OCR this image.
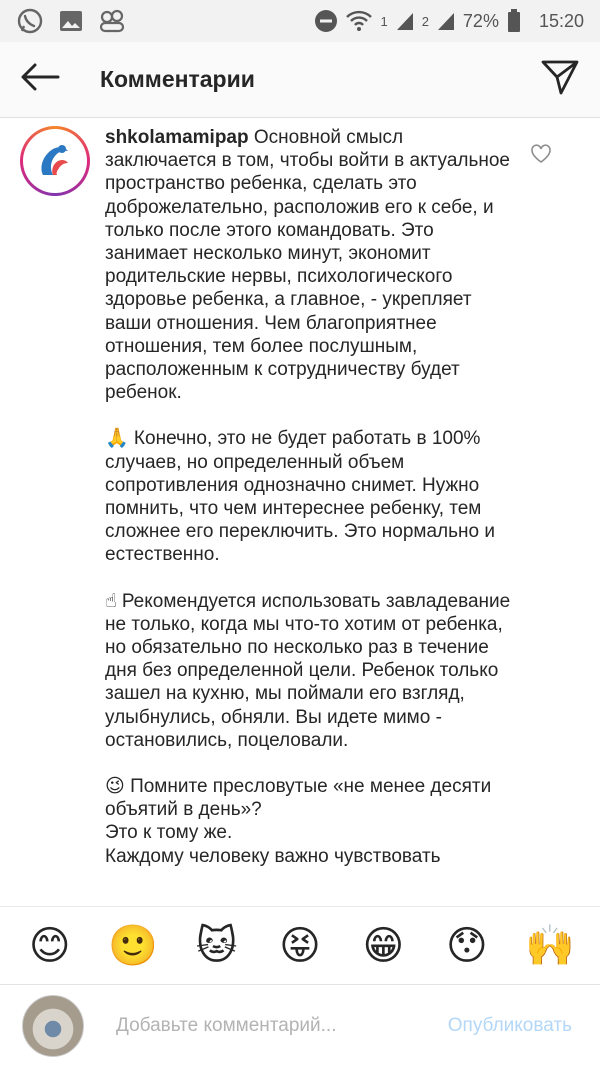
1	2 72% 15:20
Комментарии

shkolamamipap Основной смысл заключается в том, чтобы войти в актуальное пространство ребенка, сделать это доброжелательно, расположив его к себе, и только после этого командовать. Это занимает несколько минут, экономит родительские нервы, психологического здоровье ребенка, а главное, - укрепляет ваши отношения. Чем благоприятнее отношения, тем более послушным, расположенным к сотрудничеству будет ребенок.

🙏 Конечно, это не будет работать в 100% случаев, но определенный объем сопротивления однозначно снимет. Нужно помнить, что чем интереснее ребенку, тем сложнее его переключить. Это нормально и естественно.

☝ Рекомендуется использовать завладевание не только, когда мы что-то хотим от ребенка, но обязательно по несколько раз в течение дня без определенной цели. Ребенок только зашел на кухню, мы поймали его взгляд, улыбнулись, обняли. Вы идете мимо - остановились, поцеловали.

😉 Помните пресловутые «не менее десяти объятий в день»?

Это к тому же.

Каждому человеку важно чувствовать

😊 🙂 🐱 😝 😁 😯 🙌
Добавьте комментарий...
Опубликовать
